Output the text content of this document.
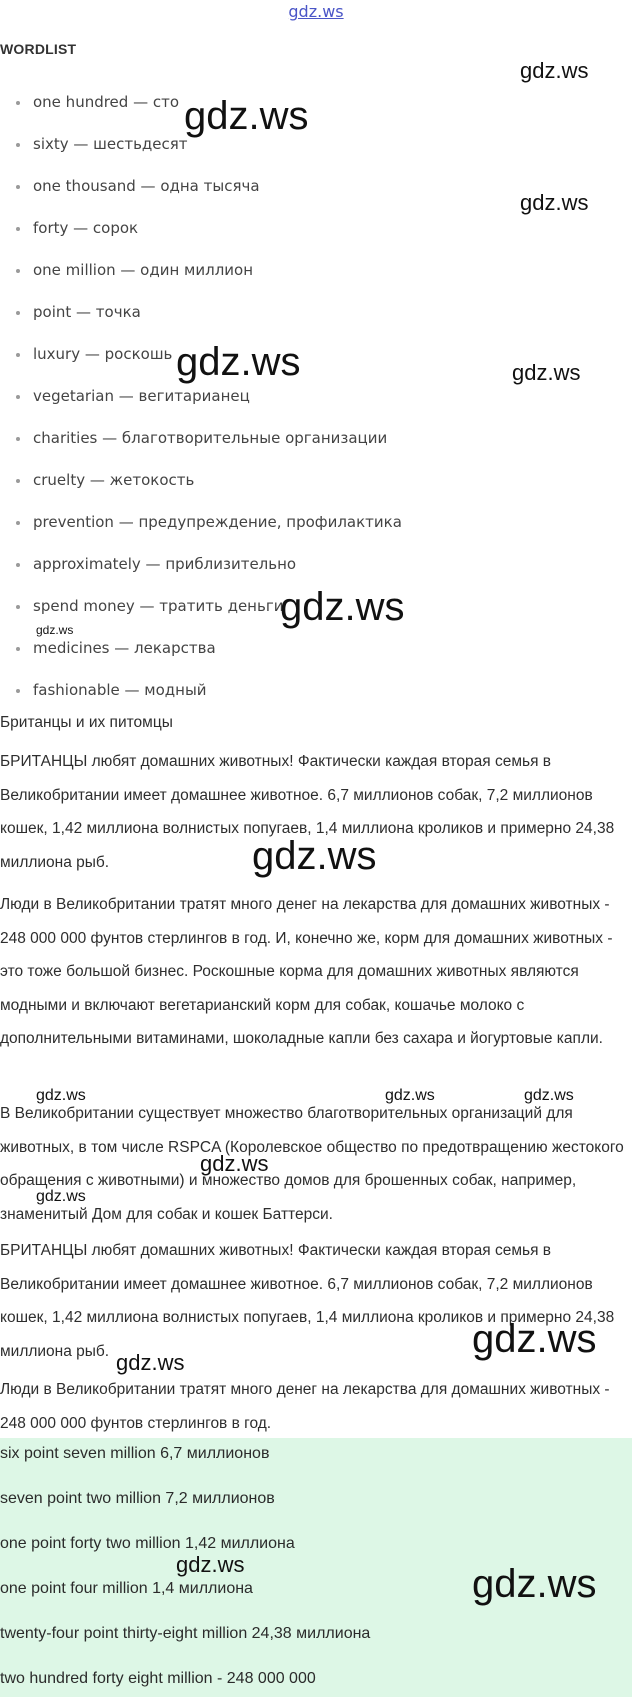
gdz.ws
WORDLIST
one hundred — сто
sixty — шестьдесят
one thousand — одна тысяча
forty — сорок
one million — один миллион
point — точка
luxury — роскошь
vegetarian — вегитарианец
charities — благотворительные организации
cruelty — жетокость
prevention — предупреждение, профилактика
approximately — приблизительно
spend money — тратить деньги
medicines — лекарства
fashionable — модный

Британцы и их питомцы

БРИТАНЦЫ любят домашних животных! Фактически каждая вторая семья в Великобритании имеет домашнее животное. 6,7 миллионов собак, 7,2 миллионов кошек, 1,42 миллиона волнистых попугаев, 1,4 миллиона кроликов и примерно 24,38 миллиона рыб.

Люди в Великобритании тратят много денег на лекарства для домашних животных - 248 000 000 фунтов стерлингов в год. И, конечно же, корм для домашних животных - это тоже большой бизнес. Роскошные корма для домашних животных являются модными и включают вегетарианский корм для собак, кошачье молоко с дополнительными витаминами, шоколадные капли без сахара и йогуртовые капли.

В Великобритании существует множество благотворительных организаций для животных, в том числе RSPCA (Королевское общество по предотвращению жестокого обращения с животными) и множество домов для брошенных собак, например, знаменитый Дом для собак и кошек Баттерси.

БРИТАНЦЫ любят домашних животных! Фактически каждая вторая семья в Великобритании имеет домашнее животное. 6,7 миллионов собак, 7,2 миллионов кошек, 1,42 миллиона волнистых попугаев, 1,4 миллиона кроликов и примерно 24,38 миллиона рыб.

Люди в Великобритании тратят много денег на лекарства для домашних животных - 248 000 000 фунтов стерлингов в год.

six point seven million 6,7 миллионов
seven point two million 7,2 миллионов
one point forty two million 1,42 миллиона
one point four million 1,4 миллиона
twenty-four point thirty-eight million 24,38 миллиона
two hundred forty eight million - 248 000 000
gdz.ws
gdz.ws
gdz.ws
gdz.ws	gdz.ws
gdz.ws
gdz.ws
gdz.ws
gdz.ws	gdz.ws	gdz.ws
gdz.ws
gdz.ws
gdz.ws
gdz.ws
gdz.ws	gdz.ws
